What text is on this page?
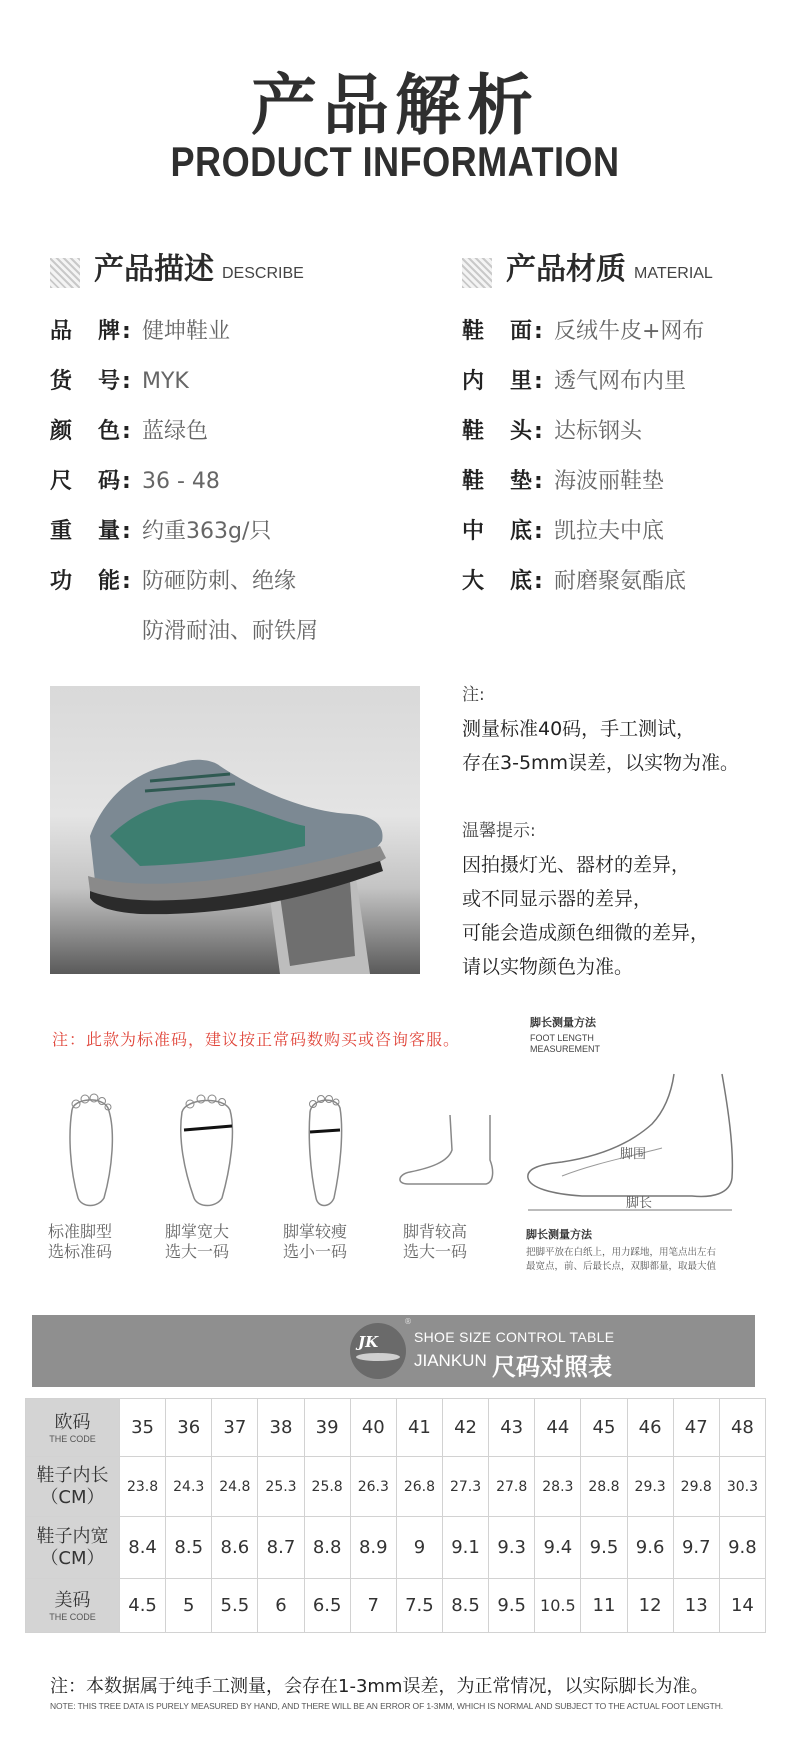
产品解析
PRODUCT INFORMATION
产品描述 DESCRIBE
品　牌: 健坤鞋业
货　号: MYK
颜　色: 蓝绿色
尺　码: 36 - 48
重　量: 约重363g/只
功　能: 防砸防刺、绝缘
防滑耐油、耐铁屑
产品材质 MATERIAL
鞋　面: 反绒牛皮+网布
内　里: 透气网布内里
鞋　头: 达标钢头
鞋　垫: 海波丽鞋垫
中　底: 凯拉夫中底
大　底: 耐磨聚氨酯底
注:
测量标准40码，手工测试，
存在3-5mm误差，以实物为准。
温馨提示:
因拍摄灯光、器材的差异，
或不同显示器的差异，
可能会造成颜色细微的差异，
请以实物颜色为准。
注：此款为标准码，建议按正常码数购买或咨询客服。
标准脚型
选标准码
脚掌宽大
选大一码
脚掌较瘦
选小一码
脚背较高
选大一码
脚长测量方法
FOOT LENGTH
MEASUREMENT
脚围
脚长
脚长测量方法
把脚平放在白纸上，用力踩地，用笔点出左右
最宽点，前、后最长点，双脚都量，取最大值
JK
®
SHOE SIZE CONTROL TABLE
JIANKUN 尺码对照表
欧码
THE CODE	35	36	37	38	39	40	41	42	43	44	45	46	47	48

鞋子内长
（CM）	23.8	24.3	24.8	25.3	25.8	26.3	26.8	27.3	27.8	28.3	28.8	29.3	29.8	30.3

鞋子内宽
（CM）	8.4	8.5	8.6	8.7	8.8	8.9	9	9.1	9.3	9.4	9.5	9.6	9.7	9.8

美码
THE CODE	4.5	5	5.5	6	6.5	7	7.5	8.5	9.5	10.5	11	12	13	14
注：本数据属于纯手工测量，会存在1-3mm误差，为正常情况，以实际脚长为准。
NOTE: THIS TREE DATA IS PURELY MEASURED BY HAND, AND THERE WILL BE AN ERROR OF 1-3MM, WHICH IS NORMAL AND SUBJECT TO THE ACTUAL FOOT LENGTH.
